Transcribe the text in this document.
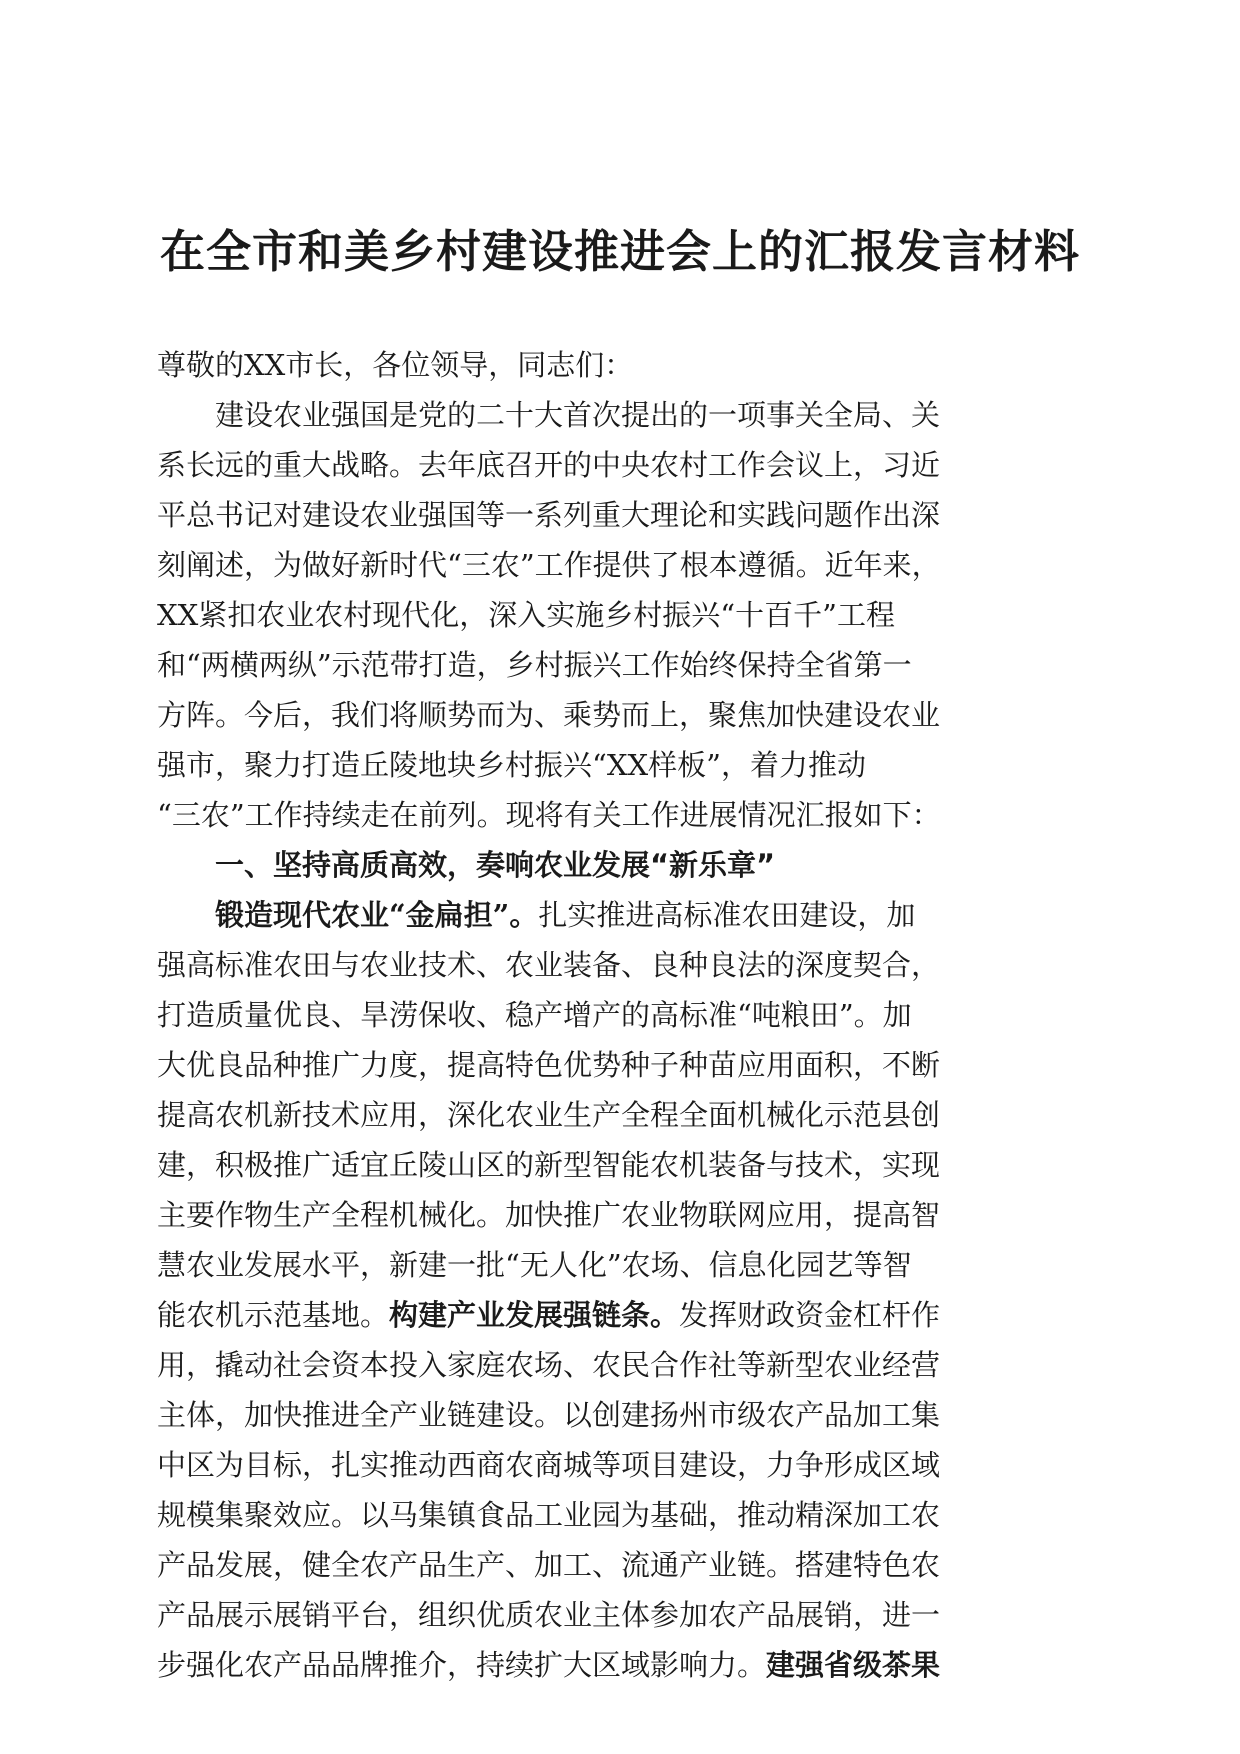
在全市和美乡村建设推进会上的汇报发言材料
尊敬的XX市长，各位领导，同志们：
建设农业强国是党的二十大首次提出的一项事关全局、关
系长远的重大战略。去年底召开的中央农村工作会议上，习近
平总书记对建设农业强国等一系列重大理论和实践问题作出深
刻阐述，为做好新时代“三农”工作提供了根本遵循。近年来，
XX紧扣农业农村现代化，深入实施乡村振兴“十百千”工程
和“两横两纵”示范带打造，乡村振兴工作始终保持全省第一
方阵。今后，我们将顺势而为、乘势而上，聚焦加快建设农业
强市，聚力打造丘陵地块乡村振兴“XX样板”，着力推动
“三农”工作持续走在前列。现将有关工作进展情况汇报如下：
一、坚持高质高效，奏响农业发展“新乐章”
锻造现代农业“金扁担”。扎实推进高标准农田建设，加
强高标准农田与农业技术、农业装备、良种良法的深度契合，
打造质量优良、旱涝保收、稳产增产的高标准“吨粮田”。加
大优良品种推广力度，提高特色优势种子种苗应用面积，不断
提高农机新技术应用，深化农业生产全程全面机械化示范县创
建，积极推广适宜丘陵山区的新型智能农机装备与技术，实现
主要作物生产全程机械化。加快推广农业物联网应用，提高智
慧农业发展水平，新建一批“无人化”农场、信息化园艺等智
能农机示范基地。构建产业发展强链条。发挥财政资金杠杆作
用，撬动社会资本投入家庭农场、农民合作社等新型农业经营
主体，加快推进全产业链建设。以创建扬州市级农产品加工集
中区为目标，扎实推动西商农商城等项目建设，力争形成区域
规模集聚效应。以马集镇食品工业园为基础，推动精深加工农
产品发展，健全农产品生产、加工、流通产业链。搭建特色农
产品展示展销平台，组织优质农业主体参加农产品展销，进一
步强化农产品品牌推介，持续扩大区域影响力。建强省级茶果
